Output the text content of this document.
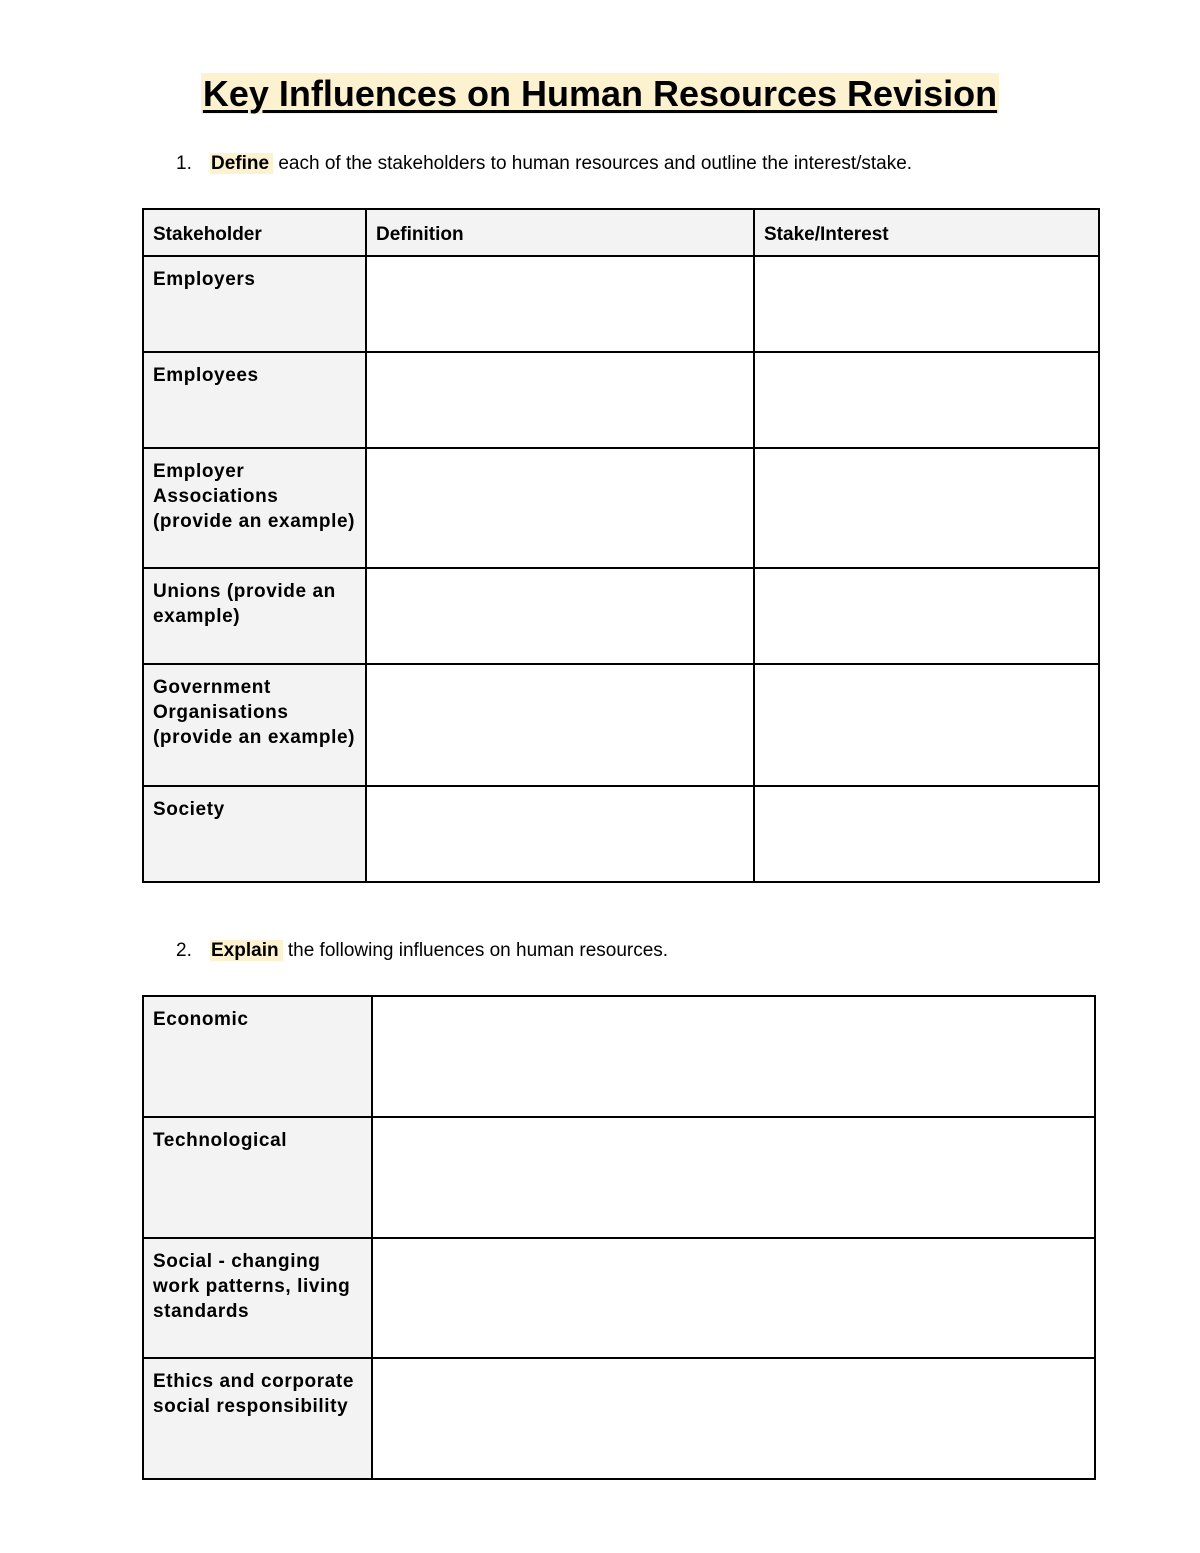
Key Influences on Human Resources Revision

1. Define each of the stakeholders to human resources and outline the interest/stake.

Stakeholder	Definition	Stake/Interest
Employers		
Employees		
Employer Associations (provide an example)		
Unions (provide an example)		
Government Organisations (provide an example)		
Society		

2. Explain the following influences on human resources.

Economic	
Technological	
Social - changing work patterns, living standards	
Ethics and corporate social responsibility	
